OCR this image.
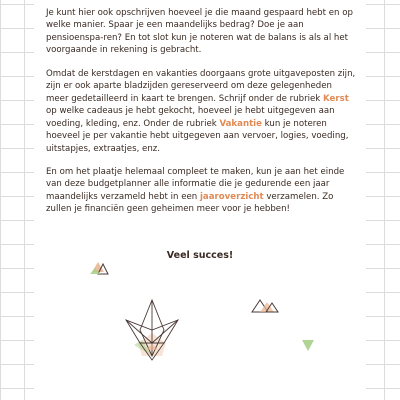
Je kunt hier ook opschrijven hoeveel je die maand gespaard hebt en op welke manier. Spaar je een maandelijks bedrag? Doe je aan pensioenspa-ren? En tot slot kun je noteren wat de balans is als al het voorgaande in rekening is gebracht.

Omdat de kerstdagen en vakanties doorgaans grote uitgaveposten zijn, zijn er ook aparte bladzijden gereserveerd om deze gelegenheden meer gedetailleerd in kaart te brengen. Schrijf onder de rubriek Kerst op welke cadeaus je hebt gekocht, hoeveel je hebt uitgegeven aan voeding, kleding, enz. Onder de rubriek Vakantie kun je noteren hoeveel je per vakantie hebt uitgegeven aan vervoer, logies, voeding, uitstapjes, extraatjes, enz.

En om het plaatje helemaal compleet te maken, kun je aan het einde van deze budgetplanner alle informatie die je gedurende een jaar maandelijks verzameld hebt in een jaaroverzicht verzamelen. Zo zullen je financiën geen geheimen meer voor je hebben!

Veel succes!
